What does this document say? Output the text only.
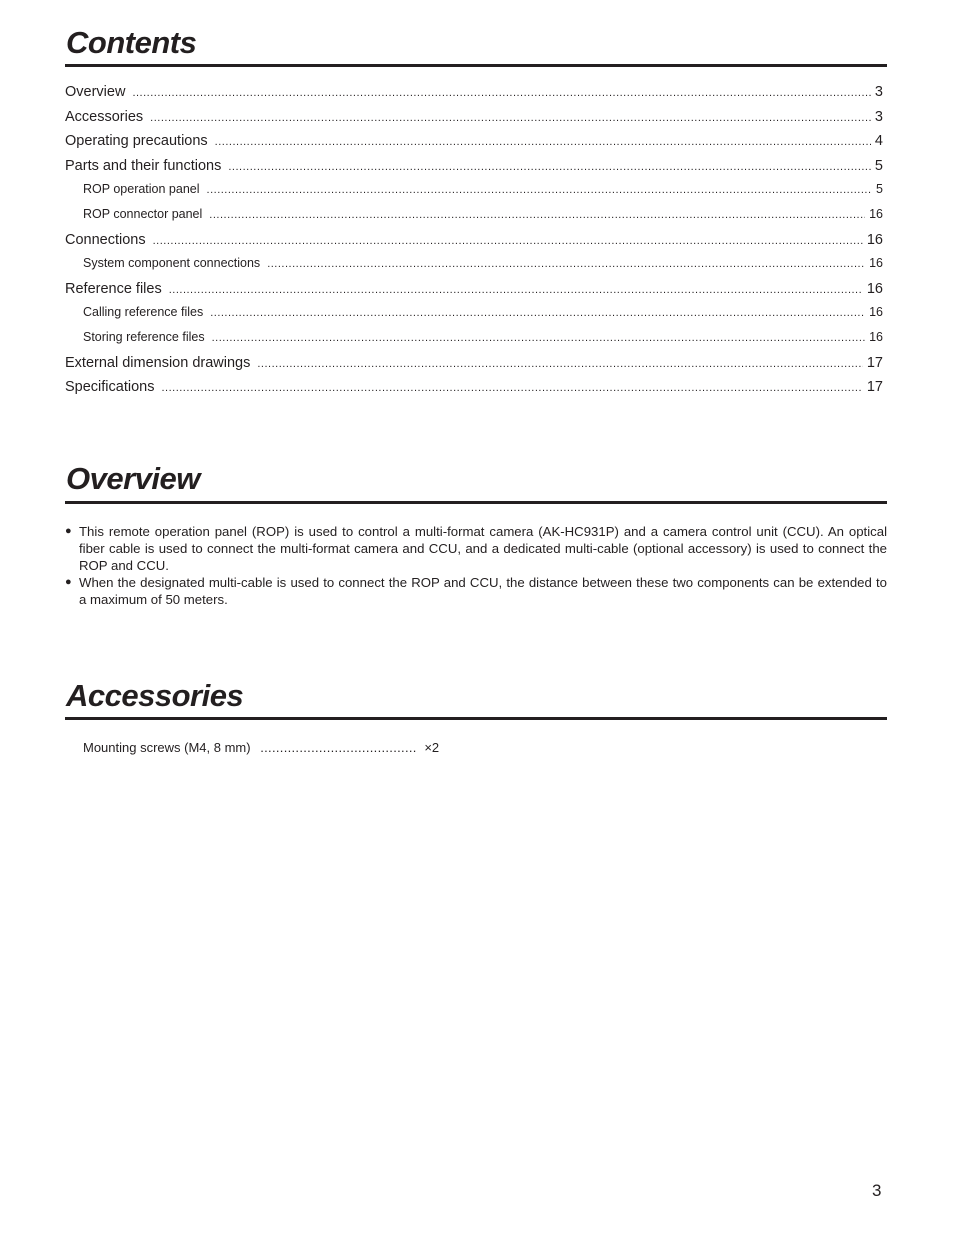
Contents
Overview .....	3
Accessories .....	3
Operating precautions .....	4
Parts and their functions .....	5
ROP operation panel .....	5
ROP connector panel .....	16
Connections .....	16
System component connections .....	16
Reference files .....	16
Calling reference files .....	16
Storing reference files .....	16
External dimension drawings .....	17
Specifications .....	17
Overview
● This remote operation panel (ROP) is used to control a multi-format camera (AK-HC931P) and a camera control unit (CCU). An optical fiber cable is used to connect the multi-format camera and CCU, and a dedicated multi-cable (optional accessory) is used to connect the ROP and CCU.
● When the designated multi-cable is used to connect the ROP and CCU, the distance between these two components can be extended to a maximum of 50 meters.
Accessories
Mounting screws (M4, 8 mm) ........................................ ×2
3
